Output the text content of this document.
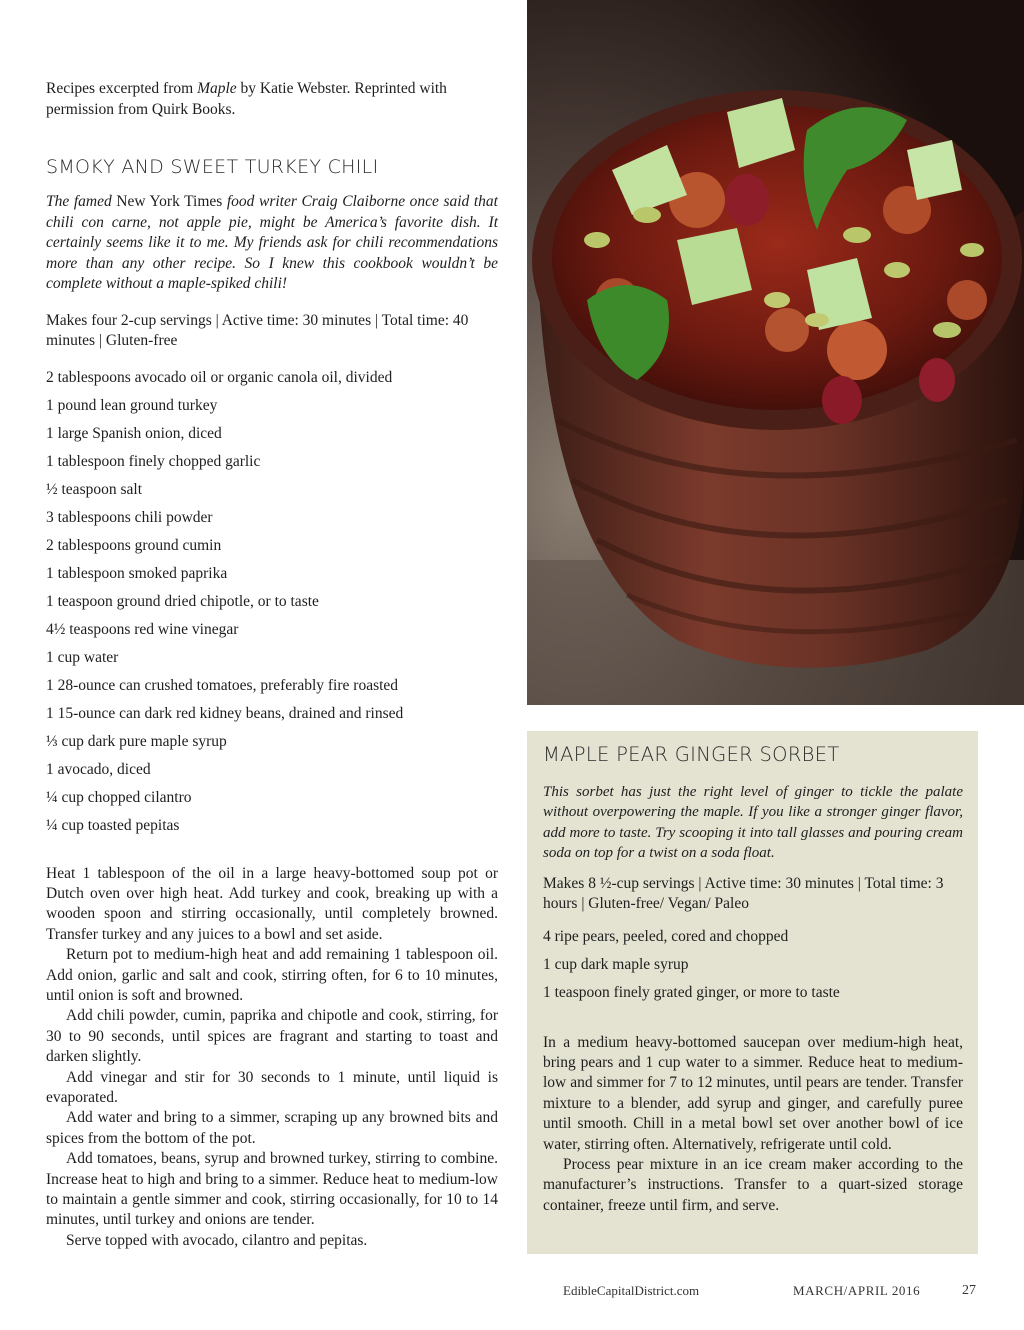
Recipes excerpted from Maple by Katie Webster. Reprinted with permission from Quirk Books.

SMOKY AND SWEET TURKEY CHILI

The famed New York Times food writer Craig Claiborne once said that chili con carne, not apple pie, might be America’s favorite dish. It certainly seems like it to me. My friends ask for chili recommendations more than any other recipe. So I knew this cookbook wouldn’t be complete without a maple-spiked chili!

Makes four 2-cup servings | Active time: 30 minutes | Total time: 40 minutes | Gluten-free

2 tablespoons avocado oil or organic canola oil, divided
1 pound lean ground turkey
1 large Spanish onion, diced
1 tablespoon finely chopped garlic
½ teaspoon salt
3 tablespoons chili powder
2 tablespoons ground cumin
1 tablespoon smoked paprika
1 teaspoon ground dried chipotle, or to taste
4½ teaspoons red wine vinegar
1 cup water
1 28-ounce can crushed tomatoes, preferably fire roasted
1 15-ounce can dark red kidney beans, drained and rinsed
⅓ cup dark pure maple syrup
1 avocado, diced
¼ cup chopped cilantro
¼ cup toasted pepitas

Heat 1 tablespoon of the oil in a large heavy-bottomed soup pot or Dutch oven over high heat. Add turkey and cook, breaking up with a wooden spoon and stirring occasionally, until completely browned. Transfer turkey and any juices to a bowl and set aside.

Return pot to medium-high heat and add remaining 1 tablespoon oil. Add onion, garlic and salt and cook, stirring often, for 6 to 10 minutes, until onion is soft and browned.

Add chili powder, cumin, paprika and chipotle and cook, stirring, for 30 to 90 seconds, until spices are fragrant and starting to toast and darken slightly.

Add vinegar and stir for 30 seconds to 1 minute, until liquid is evaporated.

Add water and bring to a simmer, scraping up any browned bits and spices from the bottom of the pot.

Add tomatoes, beans, syrup and browned turkey, stirring to combine. Increase heat to high and bring to a simmer. Reduce heat to medium-low to maintain a gentle simmer and cook, stirring occasionally, for 10 to 14 minutes, until turkey and onions are tender.

Serve topped with avocado, cilantro and pepitas.

MAPLE PEAR GINGER SORBET

This sorbet has just the right level of ginger to tickle the palate without overpowering the maple. If you like a stronger ginger flavor, add more to taste. Try scooping it into tall glasses and pouring cream soda on top for a twist on a soda float.

Makes 8 ½-cup servings | Active time: 30 minutes | Total time: 3 hours | Gluten-free/ Vegan/ Paleo

4 ripe pears, peeled, cored and chopped
1 cup dark maple syrup
1 teaspoon finely grated ginger, or more to taste

In a medium heavy-bottomed saucepan over medium-high heat, bring pears and 1 cup water to a simmer. Reduce heat to medium-low and simmer for 7 to 12 minutes, until pears are tender. Transfer mixture to a blender, add syrup and ginger, and carefully puree until smooth. Chill in a metal bowl set over another bowl of ice water, stirring often. Alternatively, refrigerate until cold.

Process pear mixture in an ice cream maker according to the manufacturer’s instructions. Transfer to a quart-sized storage container, freeze until firm, and serve.

EdibleCapitalDistrict.com	MARCH/APRIL 2016	27
